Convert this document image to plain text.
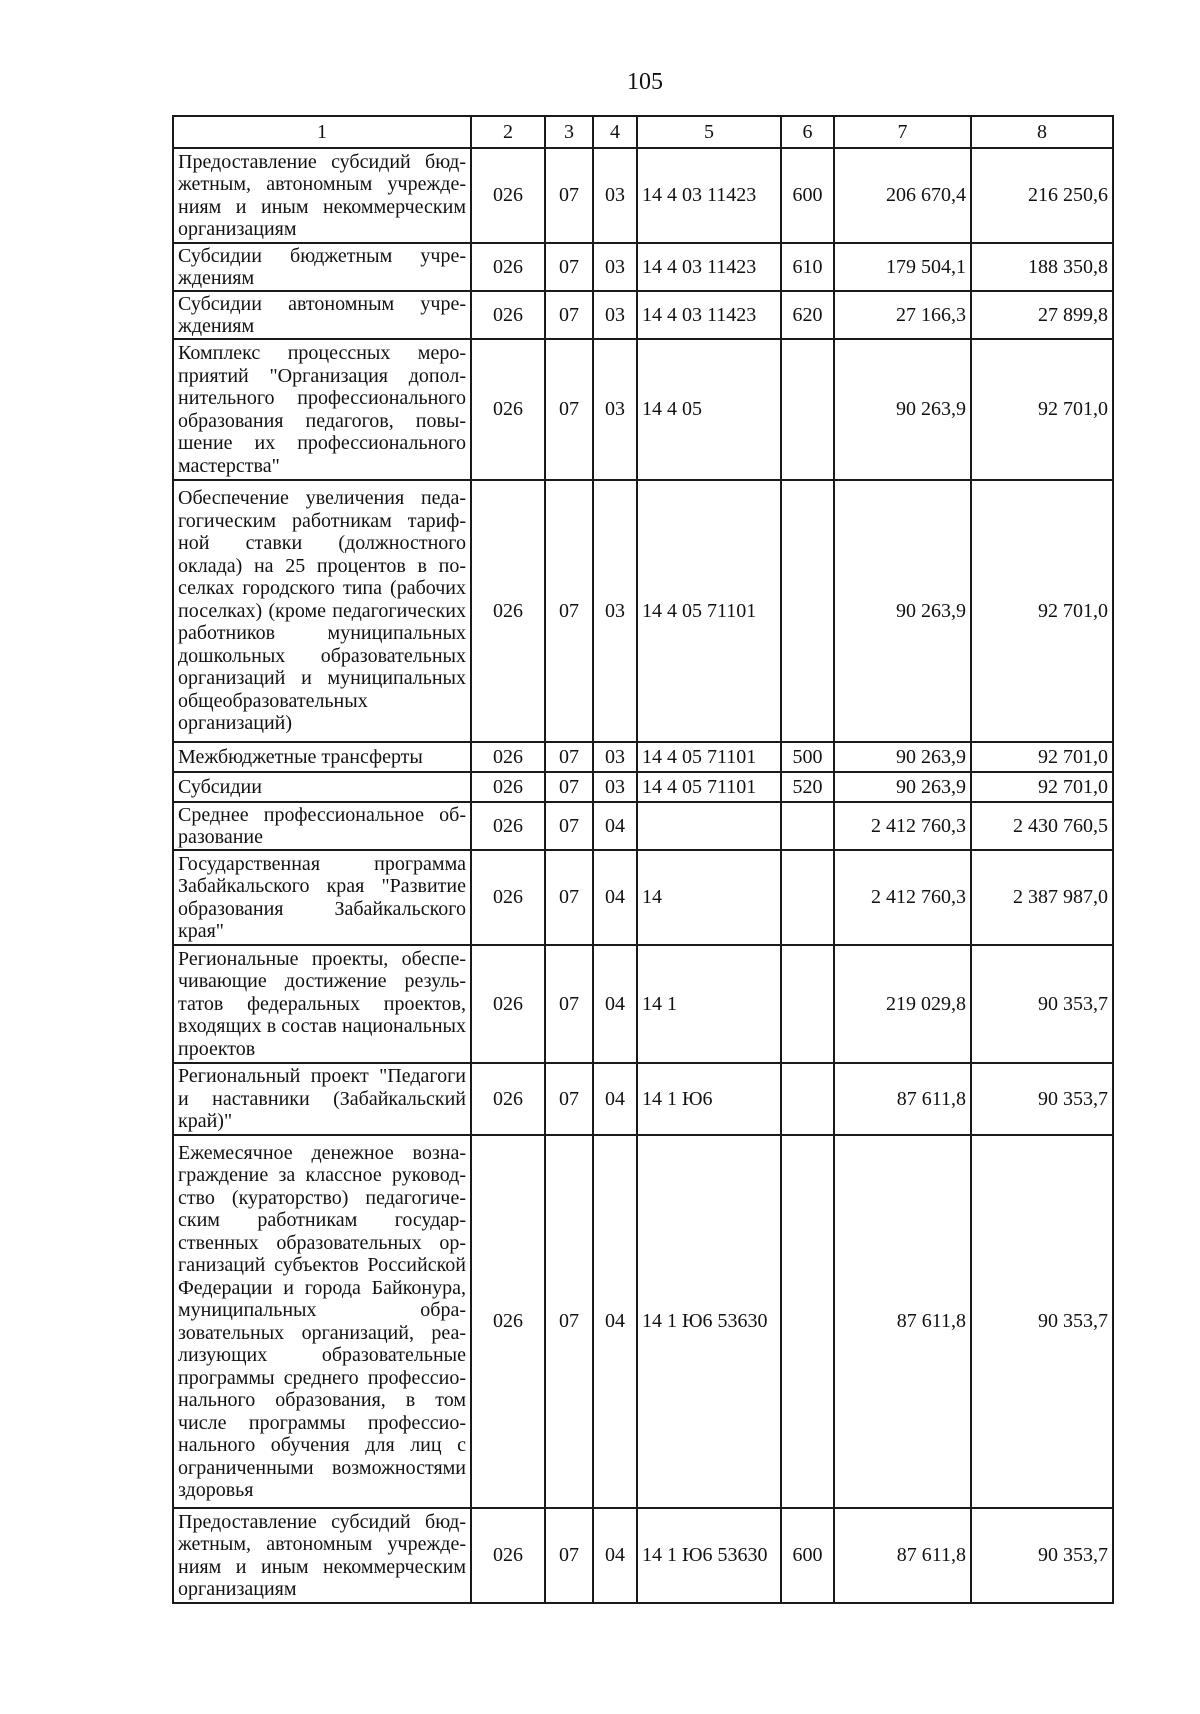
105
1	2	3	4	5	6	7	8
Предоставление субсидий бюджетным, автономным учреждениям и иным некоммерческим организациям	026	07	03	14 4 03 11423	600	206 670,4	216 250,6
Субсидии бюджетным учреждениям	026	07	03	14 4 03 11423	610	179 504,1	188 350,8
Субсидии автономным учреждениям	026	07	03	14 4 03 11423	620	27 166,3	27 899,8
Комплекс процессных мероприятий "Организация дополнительного профессионального образования педагогов, повышение их профессионального мастерства"	026	07	03	14 4 05		90 263,9	92 701,0
Обеспечение увеличения педагогическим работникам тарифной ставки (должностного оклада) на 25 процентов в поселках городского типа (рабочих поселках) (кроме педагогических работников муниципальных дошкольных образовательных организаций и муниципальных общеобразовательных организаций)	026	07	03	14 4 05 71101		90 263,9	92 701,0
Межбюджетные трансферты	026	07	03	14 4 05 71101	500	90 263,9	92 701,0
Субсидии	026	07	03	14 4 05 71101	520	90 263,9	92 701,0
Среднее профессиональное образование	026	07	04			2 412 760,3	2 430 760,5
Государственная программа Забайкальского края "Развитие образования Забайкальского края"	026	07	04	14		2 412 760,3	2 387 987,0
Региональные проекты, обеспечивающие достижение результатов федеральных проектов, входящих в состав национальных проектов	026	07	04	14 1		219 029,8	90 353,7
Региональный проект "Педагоги и наставники (Забайкальский край)"	026	07	04	14 1 Ю6		87 611,8	90 353,7
Ежемесячное денежное вознаграждение за классное руководство (кураторство) педагогическим работникам государственных образовательных организаций субъектов Российской Федерации и города Байконура, муниципальных образовательных организаций, реализующих образовательные программы среднего профессионального образования, в том числе программы профессионального обучения для лиц с ограниченными возможностями здоровья	026	07	04	14 1 Ю6 53630		87 611,8	90 353,7
Предоставление субсидий бюджетным, автономным учреждениям и иным некоммерческим организациям	026	07	04	14 1 Ю6 53630	600	87 611,8	90 353,7
